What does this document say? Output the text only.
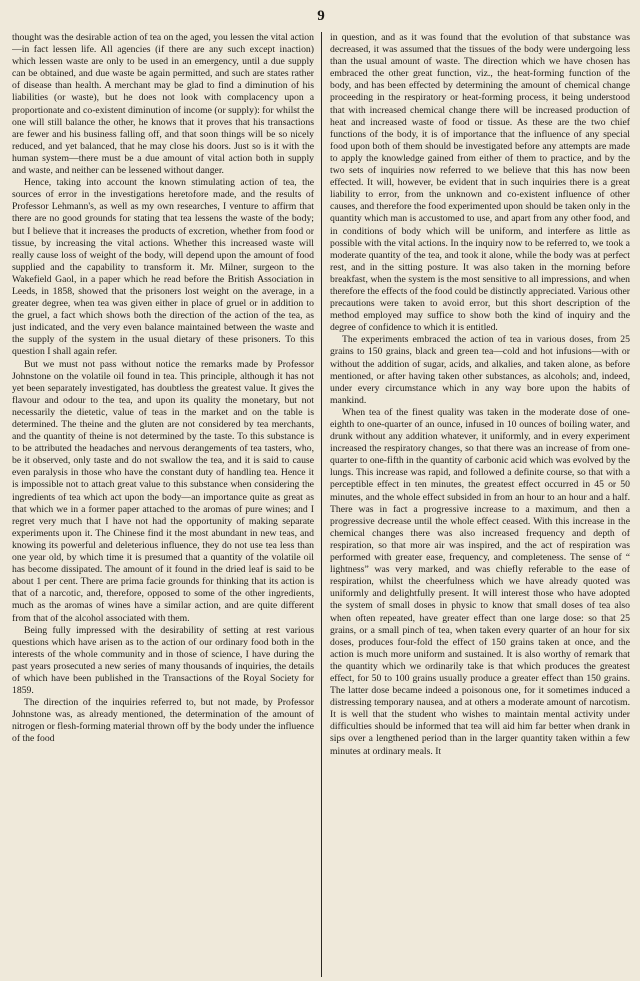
9

thought was the desirable action of tea on the aged, you lessen the vital action—in fact lessen life. All agencies (if there are any such except inaction) which lessen waste are only to be used in an emergency, until a due supply can be obtained, and due waste be again permitted, and such are states rather of disease than health. A merchant may be glad to find a diminution of his liabilities (or waste), but he does not look with complacency upon a proportionate and co-existent diminution of income (or supply): for whilst the one will still balance the other, he knows that it proves that his transactions are fewer and his business falling off, and that soon things will be so nicely reduced, and yet balanced, that he may close his doors. Just so is it with the human system—there must be a due amount of vital action both in supply and waste, and neither can be lessened without danger.

Hence, taking into account the known stimulating action of tea, the sources of error in the investigations heretofore made, and the results of Professor Lehmann's, as well as my own researches, I venture to affirm that there are no good grounds for stating that tea lessens the waste of the body; but I believe that it increases the products of excretion, whether from food or tissue, by increasing the vital actions. Whether this increased waste will really cause loss of weight of the body, will depend upon the amount of food supplied and the capability to transform it. Mr. Milner, surgeon to the Wakefield Gaol, in a paper which he read before the British Association in Leeds, in 1858, showed that the prisoners lost weight on the average, in a greater degree, when tea was given either in place of gruel or in addition to the gruel, a fact which shows both the direction of the action of the tea, as just indicated, and the very even balance maintained between the waste and the supply of the system in the usual dietary of these prisoners. To this question I shall again refer.

But we must not pass without notice the remarks made by Professor Johnstone on the volatile oil found in tea. This principle, although it has not yet been separately investigated, has doubtless the greatest value. It gives the flavour and odour to the tea, and upon its quality the monetary, but not necessarily the dietetic, value of teas in the market and on the table is determined. The theine and the gluten are not considered by tea merchants, and the quantity of theine is not determined by the taste. To this substance is to be attributed the headaches and nervous derangements of tea tasters, who, be it observed, only taste and do not swallow the tea, and it is said to cause even paralysis in those who have the constant duty of handling tea. Hence it is impossible not to attach great value to this substance when considering the ingredients of tea which act upon the body—an importance quite as great as that which we in a former paper attached to the aromas of pure wines; and I regret very much that I have not had the opportunity of making separate experiments upon it. The Chinese find it the most abundant in new teas, and knowing its powerful and deleterious influence, they do not use tea less than one year old, by which time it is presumed that a quantity of the volatile oil has become dissipated. The amount of it found in the dried leaf is said to be about 1 per cent. There are prima facie grounds for thinking that its action is that of a narcotic, and, therefore, opposed to some of the other ingredients, much as the aromas of wines have a similar action, and are quite different from that of the alcohol associated with them.

Being fully impressed with the desirability of setting at rest various questions which have arisen as to the action of our ordinary food both in the interests of the whole community and in those of science, I have during the past years prosecuted a new series of many thousands of inquiries, the details of which have been published in the Transactions of the Royal Society for 1859.

The direction of the inquiries referred to, but not made, by Professor Johnstone was, as already mentioned, the determination of the amount of nitrogen or flesh-forming material thrown off by the body under the influence of the food

in question, and as it was found that the evolution of that substance was decreased, it was assumed that the tissues of the body were undergoing less than the usual amount of waste. The direction which we have chosen has embraced the other great function, viz., the heat-forming function of the body, and has been effected by determining the amount of chemical change proceeding in the respiratory or heat-forming process, it being understood that with increased chemical change there will be increased production of heat and increased waste of food or tissue. As these are the two chief functions of the body, it is of importance that the influence of any special food upon both of them should be investigated before any attempts are made to apply the knowledge gained from either of them to practice, and by the two sets of inquiries now referred to we believe that this has now been effected. It will, however, be evident that in such inquiries there is a great liability to error, from the unknown and co-existent influence of other causes, and therefore the food experimented upon should be taken only in the quantity which man is accustomed to use, and apart from any other food, and in conditions of body which will be uniform, and interfere as little as possible with the vital actions. In the inquiry now to be referred to, we took a moderate quantity of the tea, and took it alone, while the body was at perfect rest, and in the sitting posture. It was also taken in the morning before breakfast, when the system is the most sensitive to all impressions, and when therefore the effects of the food could be distinctly appreciated. Various other precautions were taken to avoid error, but this short description of the method employed may suffice to show both the kind of inquiry and the degree of confidence to which it is entitled.

The experiments embraced the action of tea in various doses, from 25 grains to 150 grains, black and green tea—cold and hot infusions—with or without the addition of sugar, acids, and alkalies, and taken alone, as before mentioned, or after having taken other substances, as alcohols; and, indeed, under every circumstance which in any way bore upon the habits of mankind.

When tea of the finest quality was taken in the moderate dose of one-eighth to one-quarter of an ounce, infused in 10 ounces of boiling water, and drunk without any addition whatever, it uniformly, and in every experiment increased the respiratory changes, so that there was an increase of from one-quarter to one-fifth in the quantity of carbonic acid which was evolved by the lungs. This increase was rapid, and followed a definite course, so that with a perceptible effect in ten minutes, the greatest effect occurred in 45 or 50 minutes, and the whole effect subsided in from an hour to an hour and a half. There was in fact a progressive increase to a maximum, and then a progressive decrease until the whole effect ceased. With this increase in the chemical changes there was also increased frequency and depth of respiration, so that more air was inspired, and the act of respiration was performed with greater ease, frequency, and completeness. The sense of “ lightness” was very marked, and was chiefly referable to the ease of respiration, whilst the cheerfulness which we have already quoted was uniformly and delightfully present. It will interest those who have adopted the system of small doses in physic to know that small doses of tea also when often repeated, have greater effect than one large dose: so that 25 grains, or a small pinch of tea, when taken every quarter of an hour for six doses, produces four-fold the effect of 150 grains taken at once, and the action is much more uniform and sustained. It is also worthy of remark that the quantity which we ordinarily take is that which produces the greatest effect, for 50 to 100 grains usually produce a greater effect than 150 grains. The latter dose became indeed a poisonous one, for it sometimes induced a distressing temporary nausea, and at others a moderate amount of narcotism. It is well that the student who wishes to maintain mental activity under difficulties should be informed that tea will aid him far better when drank in sips over a lengthened period than in the larger quantity taken within a few minutes at ordinary meals. It
